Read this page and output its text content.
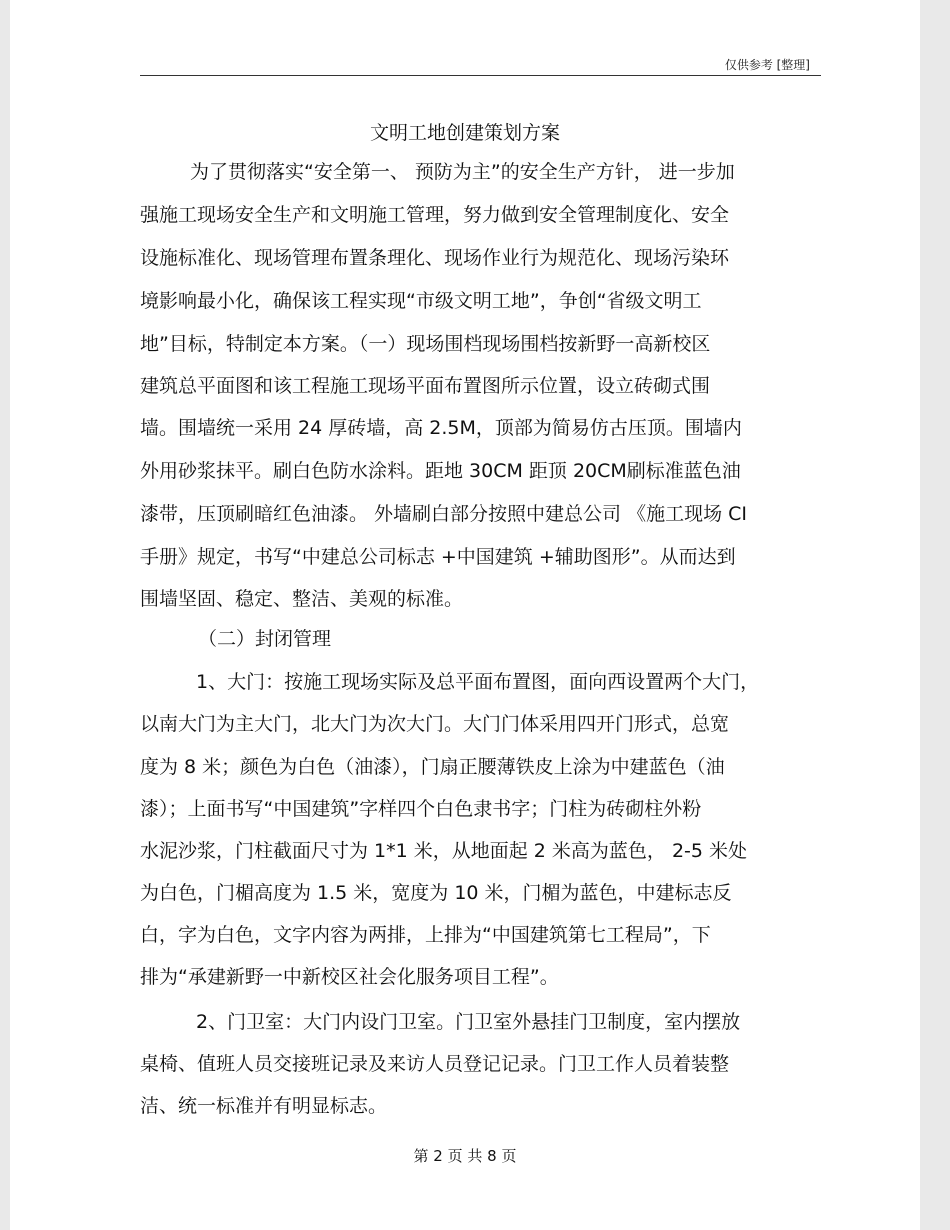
仅供参考 [整理]
文明工地创建策划方案
为了贯彻落实“安全第一、 预防为主”的安全生产方针， 进一步加
强施工现场安全生产和文明施工管理，努力做到安全管理制度化、安全
设施标准化、现场管理布置条理化、现场作业行为规范化、现场污染环
境影响最小化，确保该工程实现“市级文明工地”，争创“省级文明工
地”目标，特制定本方案。（一）现场围档现场围档按新野一高新校区
建筑总平面图和该工程施工现场平面布置图所示位置，设立砖砌式围
墙。围墙统一采用 24 厚砖墙，高 2.5M，顶部为简易仿古压顶。围墙内
外用砂浆抹平。刷白色防水涂料。距地 30CM 距顶 20CM刷标准蓝色油
漆带，压顶刷暗红色油漆。 外墙刷白部分按照中建总公司 《施工现场 CI
手册》规定，书写“中建总公司标志 +中国建筑 +辅助图形”。从而达到
围墙坚固、稳定、整洁、美观的标准。
（二）封闭管理
1、大门：按施工现场实际及总平面布置图，面向西设置两个大门，
以南大门为主大门，北大门为次大门。大门门体采用四开门形式，总宽
度为 8 米；颜色为白色（油漆），门扇正腰薄铁皮上涂为中建蓝色（油
漆）；上面书写“中国建筑”字样四个白色隶书字；门柱为砖砌柱外粉
水泥沙浆，门柱截面尺寸为 1*1 米，从地面起 2 米高为蓝色， 2-5 米处
为白色，门楣高度为 1.5 米，宽度为 10 米，门楣为蓝色，中建标志反
白，字为白色，文字内容为两排，上排为“中国建筑第七工程局”，下
排为“承建新野一中新校区社会化服务项目工程”。
2、门卫室：大门内设门卫室。门卫室外悬挂门卫制度，室内摆放
桌椅、值班人员交接班记录及来访人员登记记录。门卫工作人员着装整
洁、统一标准并有明显标志。
第 2 页 共 8 页
